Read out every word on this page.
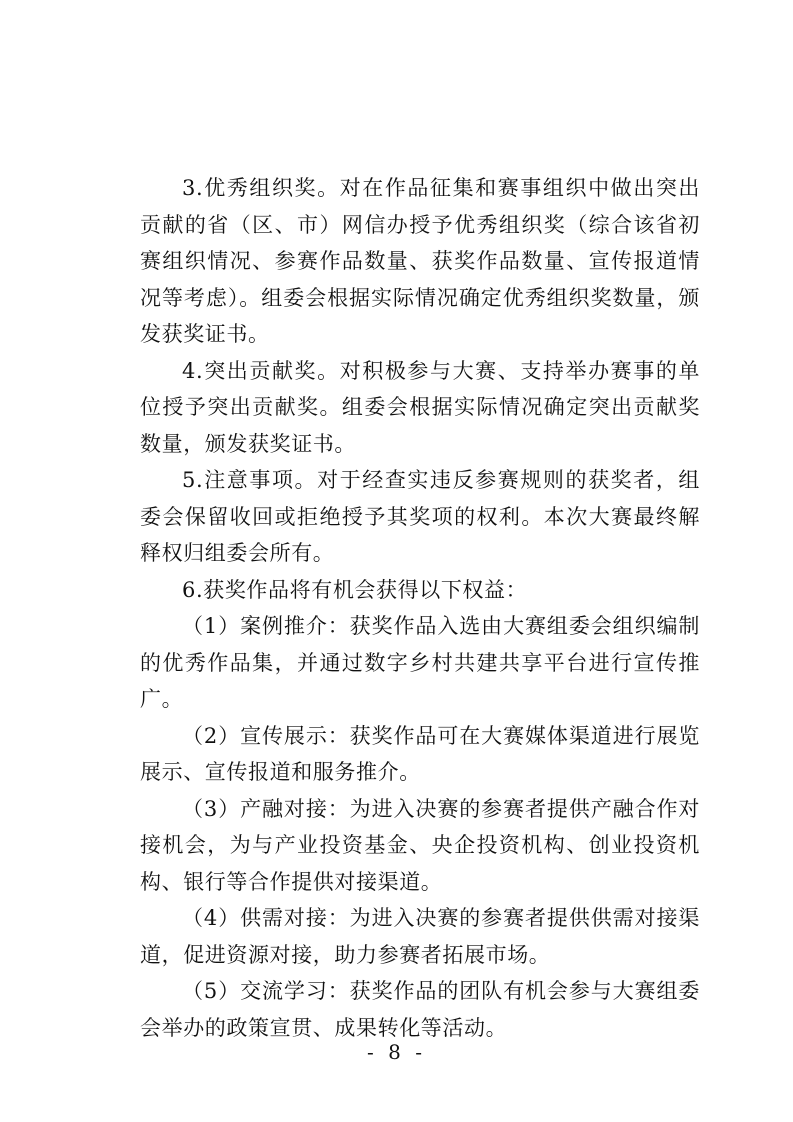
3.优秀组织奖。对在作品征集和赛事组织中做出突出贡献的省（区、市）网信办授予优秀组织奖（综合该省初赛组织情况、参赛作品数量、获奖作品数量、宣传报道情况等考虑）。组委会根据实际情况确定优秀组织奖数量，颁发获奖证书。

4.突出贡献奖。对积极参与大赛、支持举办赛事的单位授予突出贡献奖。组委会根据实际情况确定突出贡献奖数量，颁发获奖证书。

5.注意事项。对于经查实违反参赛规则的获奖者，组委会保留收回或拒绝授予其奖项的权利。本次大赛最终解释权归组委会所有。

6.获奖作品将有机会获得以下权益：

（1）案例推介：获奖作品入选由大赛组委会组织编制的优秀作品集，并通过数字乡村共建共享平台进行宣传推广。

（2）宣传展示：获奖作品可在大赛媒体渠道进行展览展示、宣传报道和服务推介。

（3）产融对接：为进入决赛的参赛者提供产融合作对接机会，为与产业投资基金、央企投资机构、创业投资机构、银行等合作提供对接渠道。

（4）供需对接：为进入决赛的参赛者提供供需对接渠道，促进资源对接，助力参赛者拓展市场。

（5）交流学习：获奖作品的团队有机会参与大赛组委会举办的政策宣贯、成果转化等活动。

- 8 -
